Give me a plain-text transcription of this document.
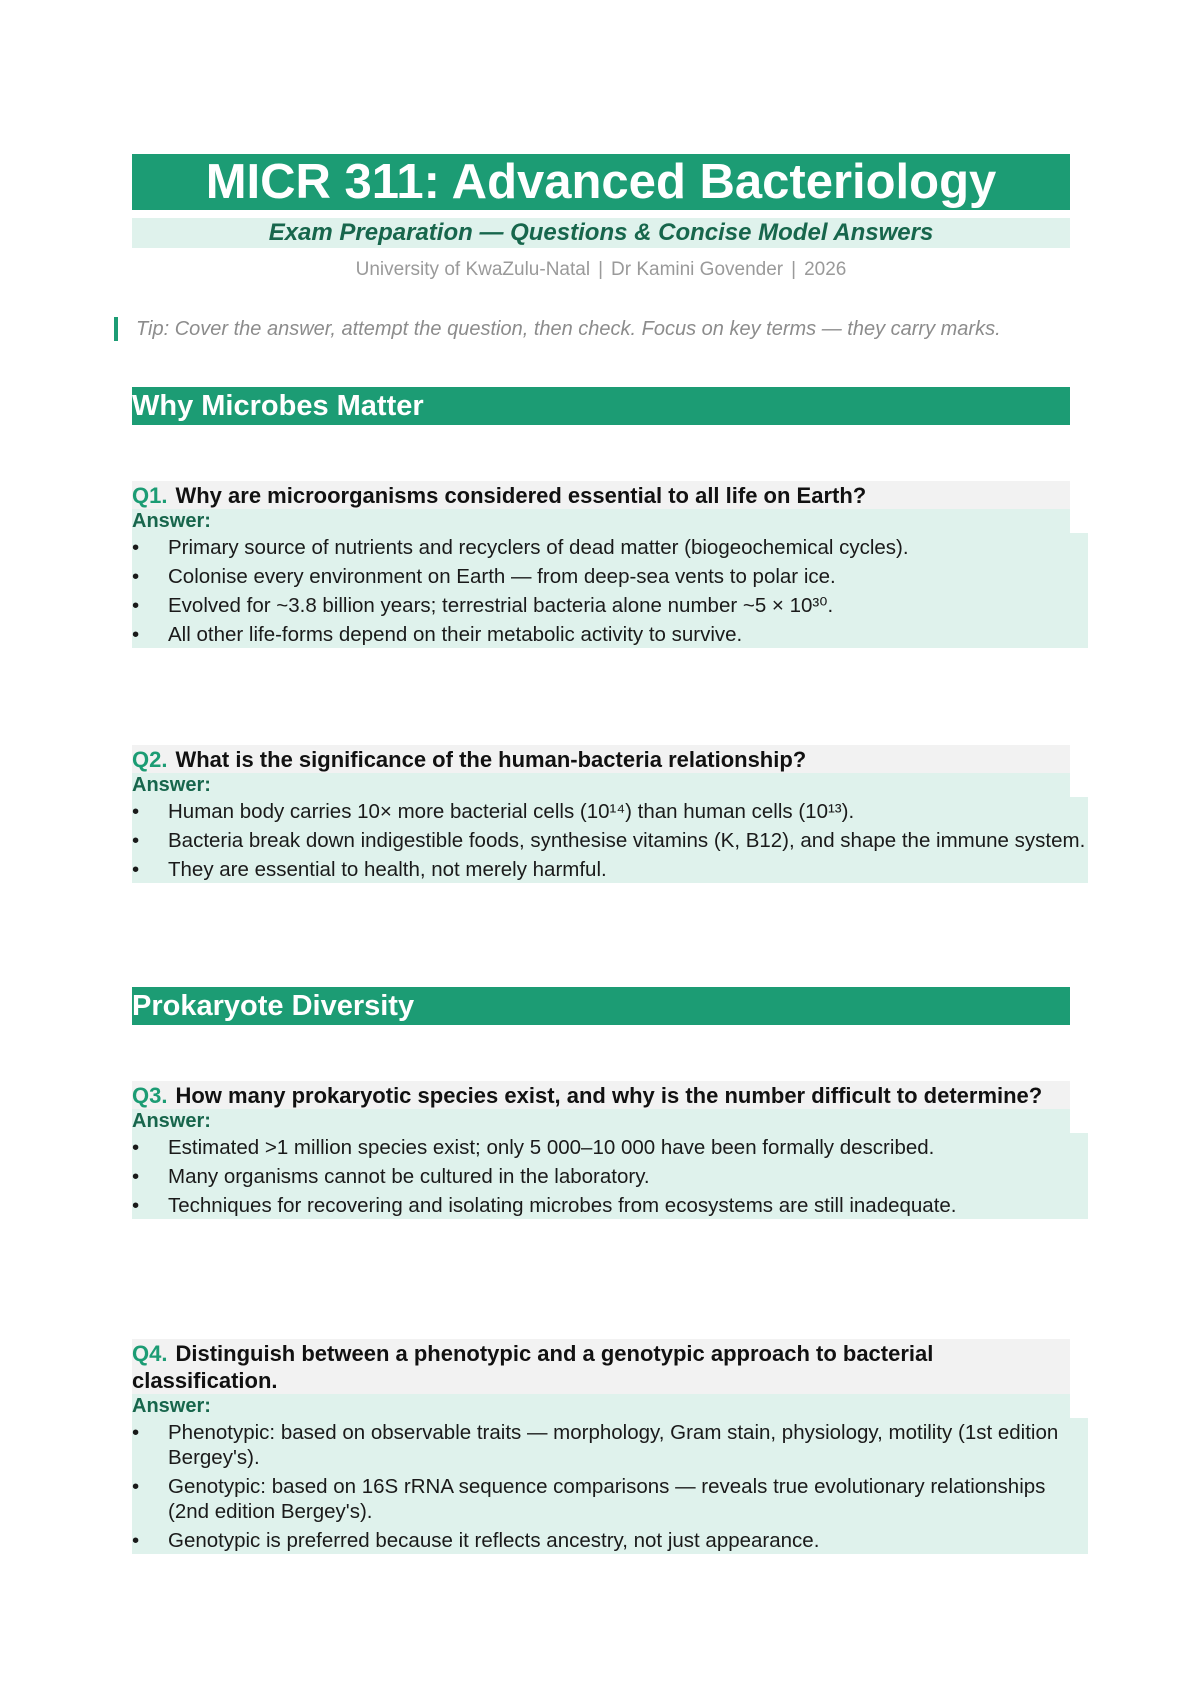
MICR 311: Advanced Bacteriology
Exam Preparation — Questions & Concise Model Answers
University of KwaZulu-Natal | Dr Kamini Govender | 2026
Tip: Cover the answer, attempt the question, then check. Focus on key terms — they carry marks.
Why Microbes Matter
Q1. Why are microorganisms considered essential to all life on Earth?
Answer:
• Primary source of nutrients and recyclers of dead matter (biogeochemical cycles).
• Colonise every environment on Earth — from deep-sea vents to polar ice.
• Evolved for ~3.8 billion years; terrestrial bacteria alone number ~5 × 10³⁰.
• All other life-forms depend on their metabolic activity to survive.
Q2. What is the significance of the human-bacteria relationship?
Answer:
• Human body carries 10× more bacterial cells (10¹⁴) than human cells (10¹³).
• Bacteria break down indigestible foods, synthesise vitamins (K, B12), and shape the immune system.
• They are essential to health, not merely harmful.
Prokaryote Diversity
Q3. How many prokaryotic species exist, and why is the number difficult to determine?
Answer:
• Estimated >1 million species exist; only 5 000–10 000 have been formally described.
• Many organisms cannot be cultured in the laboratory.
• Techniques for recovering and isolating microbes from ecosystems are still inadequate.
Q4. Distinguish between a phenotypic and a genotypic approach to bacterial classification.
Answer:
• Phenotypic: based on observable traits — morphology, Gram stain, physiology, motility (1st edition Bergey's).
• Genotypic: based on 16S rRNA sequence comparisons — reveals true evolutionary relationships (2nd edition Bergey's).
• Genotypic is preferred because it reflects ancestry, not just appearance.
